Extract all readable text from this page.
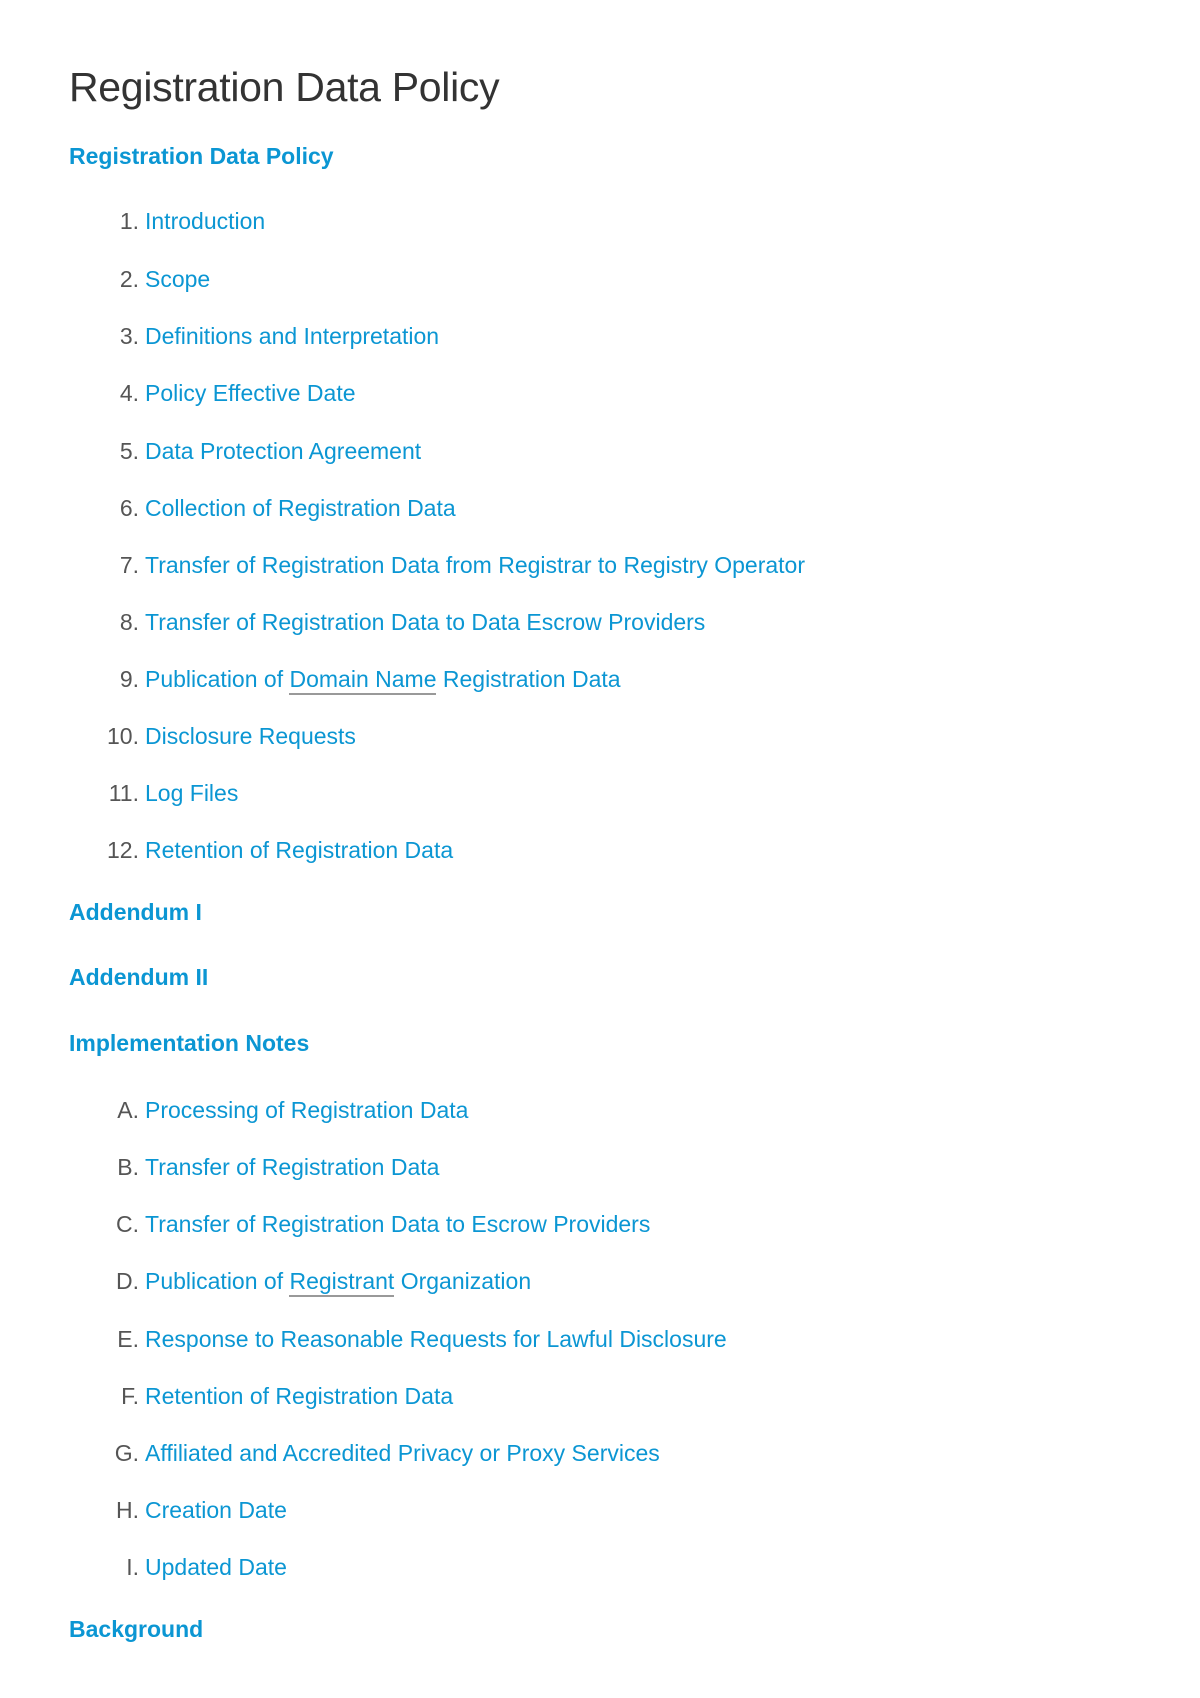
Registration Data Policy
Registration Data Policy
1. Introduction
2. Scope
3. Definitions and Interpretation
4. Policy Effective Date
5. Data Protection Agreement
6. Collection of Registration Data
7. Transfer of Registration Data from Registrar to Registry Operator
8. Transfer of Registration Data to Data Escrow Providers
9. Publication of Domain Name Registration Data
10. Disclosure Requests
11. Log Files
12. Retention of Registration Data
Addendum I
Addendum II
Implementation Notes
A. Processing of Registration Data
B. Transfer of Registration Data
C. Transfer of Registration Data to Escrow Providers
D. Publication of Registrant Organization
E. Response to Reasonable Requests for Lawful Disclosure
F. Retention of Registration Data
G. Affiliated and Accredited Privacy or Proxy Services
H. Creation Date
I. Updated Date
Background
